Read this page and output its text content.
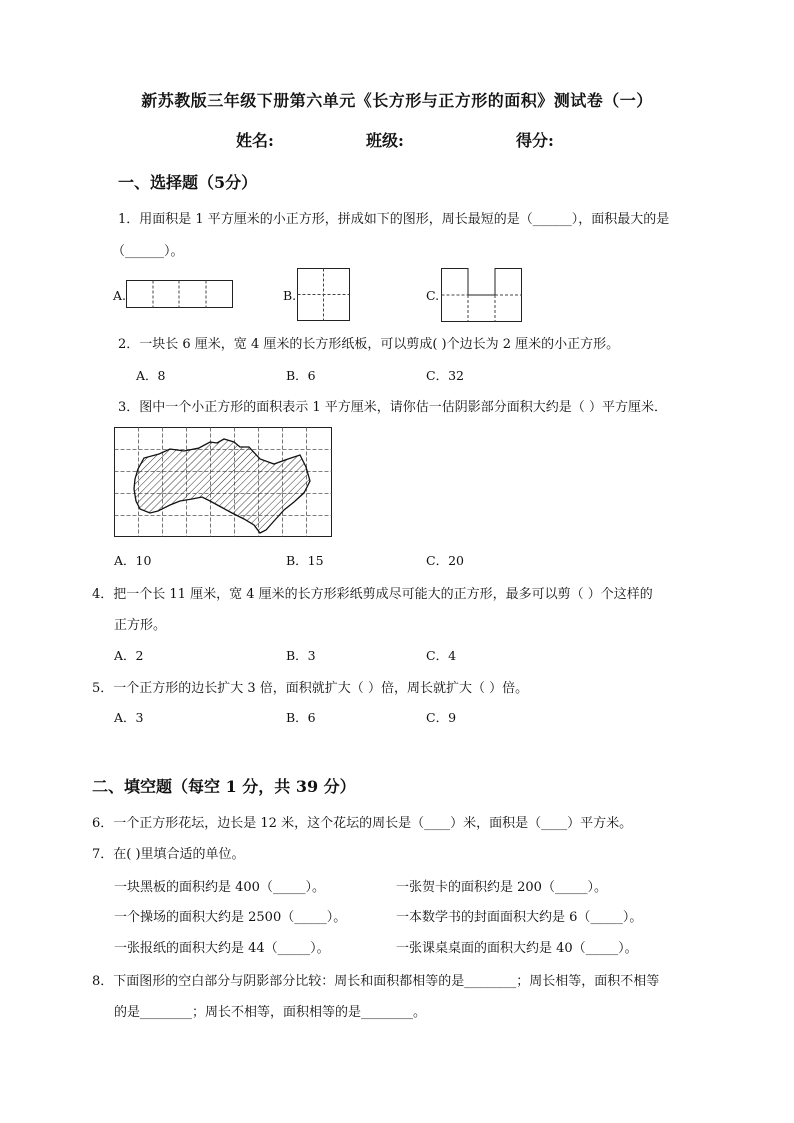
新苏教版三年级下册第六单元《长方形与正方形的面积》测试卷（一）
姓名:	班级:	得分:
一、选择题（5分）
1．用面积是 1 平方厘米的小正方形，拼成如下的图形，周长最短的是（______），面积最大的是
（______）。
A.	B.	C.
2．一块长 6 厘米，宽 4 厘米的长方形纸板，可以剪成( )个边长为 2 厘米的小正方形。
A．8	B．6	C．32
3．图中一个小正方形的面积表示 1 平方厘米，请你估一估阴影部分面积大约是（ ）平方厘米．
A．10	B．15	C．20
4．把一个长 11 厘米，宽 4 厘米的长方形彩纸剪成尽可能大的正方形，最多可以剪（ ）个这样的
正方形。
A．2	B．3	C．4
5．一个正方形的边长扩大 3 倍，面积就扩大（ ）倍，周长就扩大（ ）倍。
A．3	B．6	C．9
二、填空题（每空 1 分，共 39 分）
6．一个正方形花坛，边长是 12 米，这个花坛的周长是（____）米，面积是（____）平方米。
7．在( )里填合适的单位。
一块黑板的面积约是 400（_____）。	一张贺卡的面积约是 200（_____）。
一个操场的面积大约是 2500（_____）。	一本数学书的封面面积大约是 6（_____）。
一张报纸的面积大约是 44（_____）。	一张课桌桌面的面积大约是 40（_____）。
8．下面图形的空白部分与阴影部分比较：周长和面积都相等的是________；周长相等，面积不相等
的是________；周长不相等，面积相等的是________。
